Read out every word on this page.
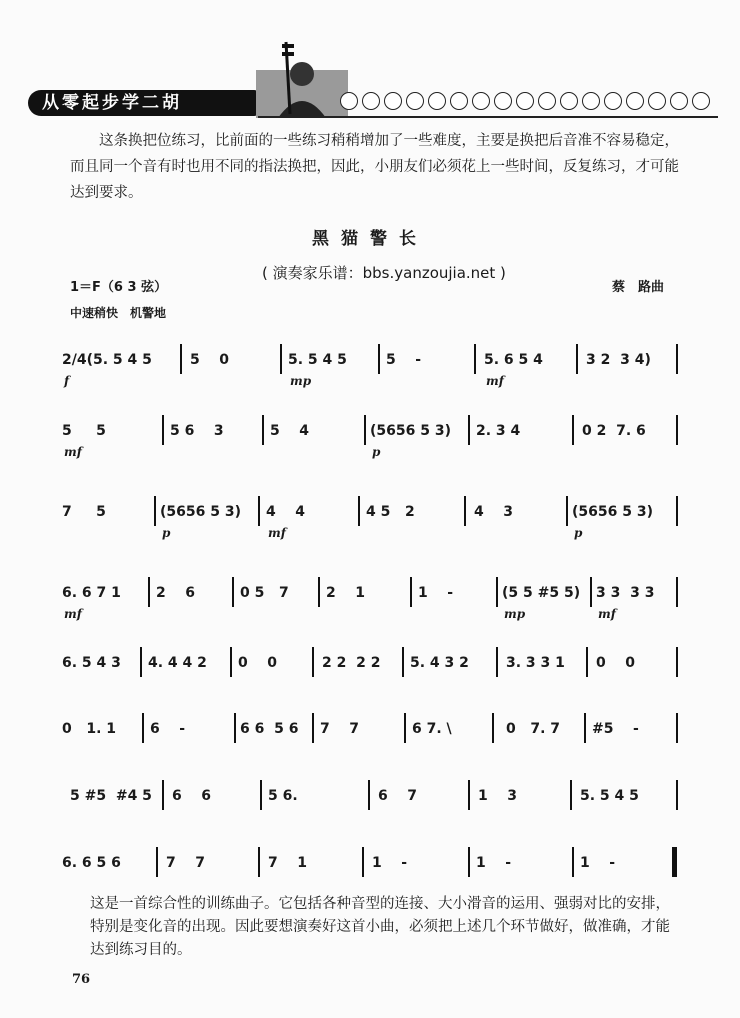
从零起步学二胡
这条换把位练习，比前面的一些练习稍稍增加了一些难度，主要是换把后音准不容易稳定，而且同一个音有时也用不同的指法换把，因此，小朋友们必须花上一些时间，反复练习，才可能达到要求。
黑猫警长
( 演奏家乐谱：bbs.yanzoujia.net )
1＝F（6 3 弦）	蔡　路曲
中速稍快　机警地
2/4(5. 5 4 5
f
5    0	5. 5 4 5
mp
5    -	5. 6 5 4
mf
3 2  3 4)
5     5
mf
5 6    3	5    4	(5656 5 3)
p
2. 3 4	0 2  7. 6
7     5	(5656 5 3)
p
4    4
mf
4 5   2	4    3	(5656 5 3)
p
6. 6 7 1
mf
2    6	0 5   7	2    1	1    -	(5 5 #5 5)
mp
3 3  3 3
mf
6. 5 4 3 4. 4 4 2 0    0	2 2  2 2 5. 4 3 2	3. 3 3 1 0    0
0   1. 1 6    -	6 6  5 6 7    7	6 7. \	0   7. 7 #5    -
5 #5  #4 5 6    6	5 6.	6    7	1    3	5. 5 4 5
6. 6 5 6	7    7	7    1	1    -	1    -	1    -
这是一首综合性的训练曲子。它包括各种音型的连接、大小滑音的运用、强弱对比的安排，特别是变化音的出现。因此要想演奏好这首小曲，必须把上述几个环节做好，做准确，才能达到练习目的。
76
